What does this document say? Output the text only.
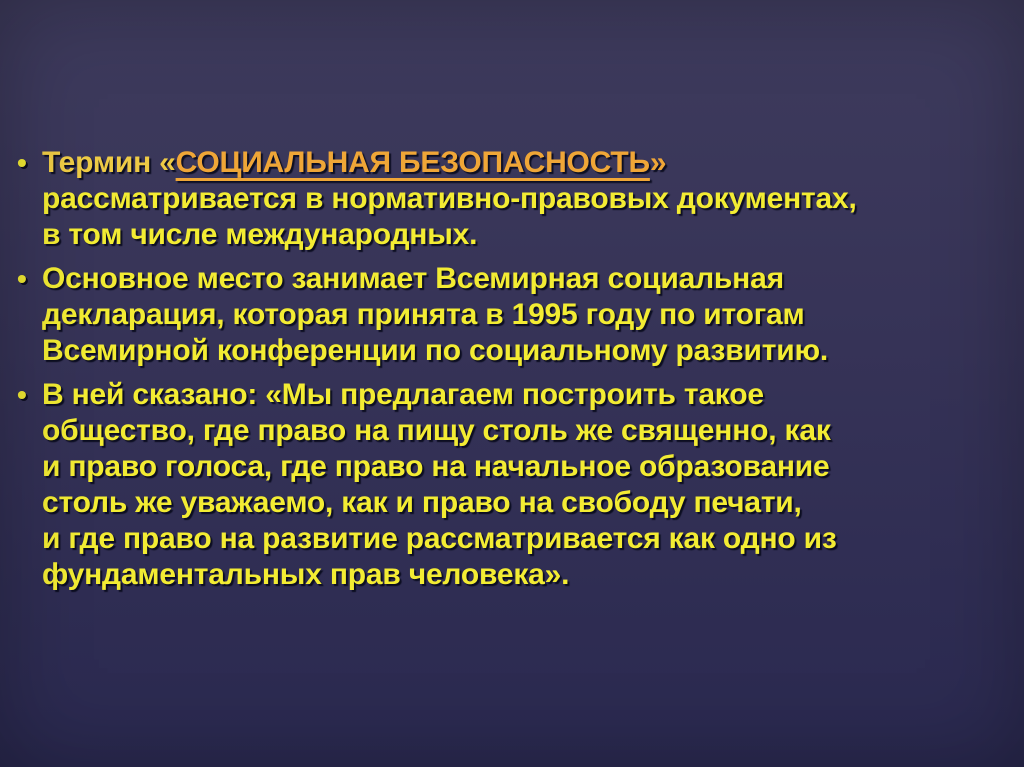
• Термин «СОЦИАЛЬНАЯ БЕЗОПАСНОСТЬ»
рассматривается в нормативно-правовых документах,
в том числе международных.
• Основное место занимает Всемирная социальная
декларация, которая принята в 1995 году по итогам
Всемирной конференции по социальному развитию.
• В ней сказано: «Мы предлагаем построить такое
общество, где право на пищу столь же священно, как
и право голоса, где право на начальное образование
столь же уважаемо, как и право на свободу печати,
и где право на развитие рассматривается как одно из
фундаментальных прав человека».
